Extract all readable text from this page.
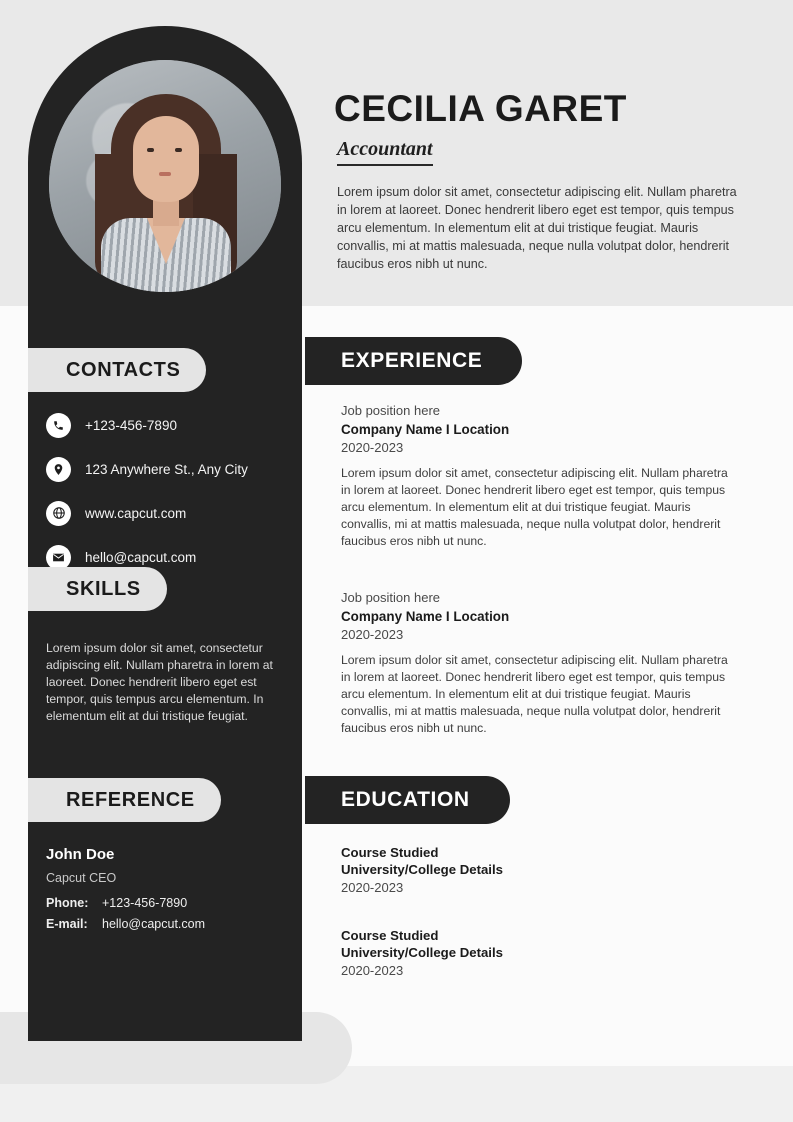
CECILIA GARET
Accountant
Lorem ipsum dolor sit amet, consectetur adipiscing elit. Nullam pharetra in lorem at laoreet. Donec hendrerit libero eget est tempor, quis tempus arcu elementum. In elementum elit at dui tristique feugiat. Mauris convallis, mi at mattis malesuada, neque nulla volutpat dolor, hendrerit faucibus eros nibh ut nunc.
CONTACTS
+123-456-7890
123 Anywhere St., Any City
www.capcut.com
hello@capcut.com
SKILLS
Lorem ipsum dolor sit amet, consectetur adipiscing elit. Nullam pharetra in lorem at laoreet. Donec hendrerit libero eget est tempor, quis tempus arcu elementum. In elementum elit at dui tristique feugiat.
REFERENCE
John Doe
Capcut CEO
Phone:	+123-456-7890
E-mail:	hello@capcut.com
EXPERIENCE
Job position here
Company Name I Location
2020-2023
Lorem ipsum dolor sit amet, consectetur adipiscing elit. Nullam pharetra in lorem at laoreet. Donec hendrerit libero eget est tempor, quis tempus arcu elementum. In elementum elit at dui tristique feugiat. Mauris convallis, mi at mattis malesuada, neque nulla volutpat dolor, hendrerit faucibus eros nibh ut nunc.
Job position here
Company Name I Location
2020-2023
Lorem ipsum dolor sit amet, consectetur adipiscing elit. Nullam pharetra in lorem at laoreet. Donec hendrerit libero eget est tempor, quis tempus arcu elementum. In elementum elit at dui tristique feugiat. Mauris convallis, mi at mattis malesuada, neque nulla volutpat dolor, hendrerit faucibus eros nibh ut nunc.
EDUCATION
Course Studied
University/College Details
2020-2023
Course Studied
University/College Details
2020-2023
